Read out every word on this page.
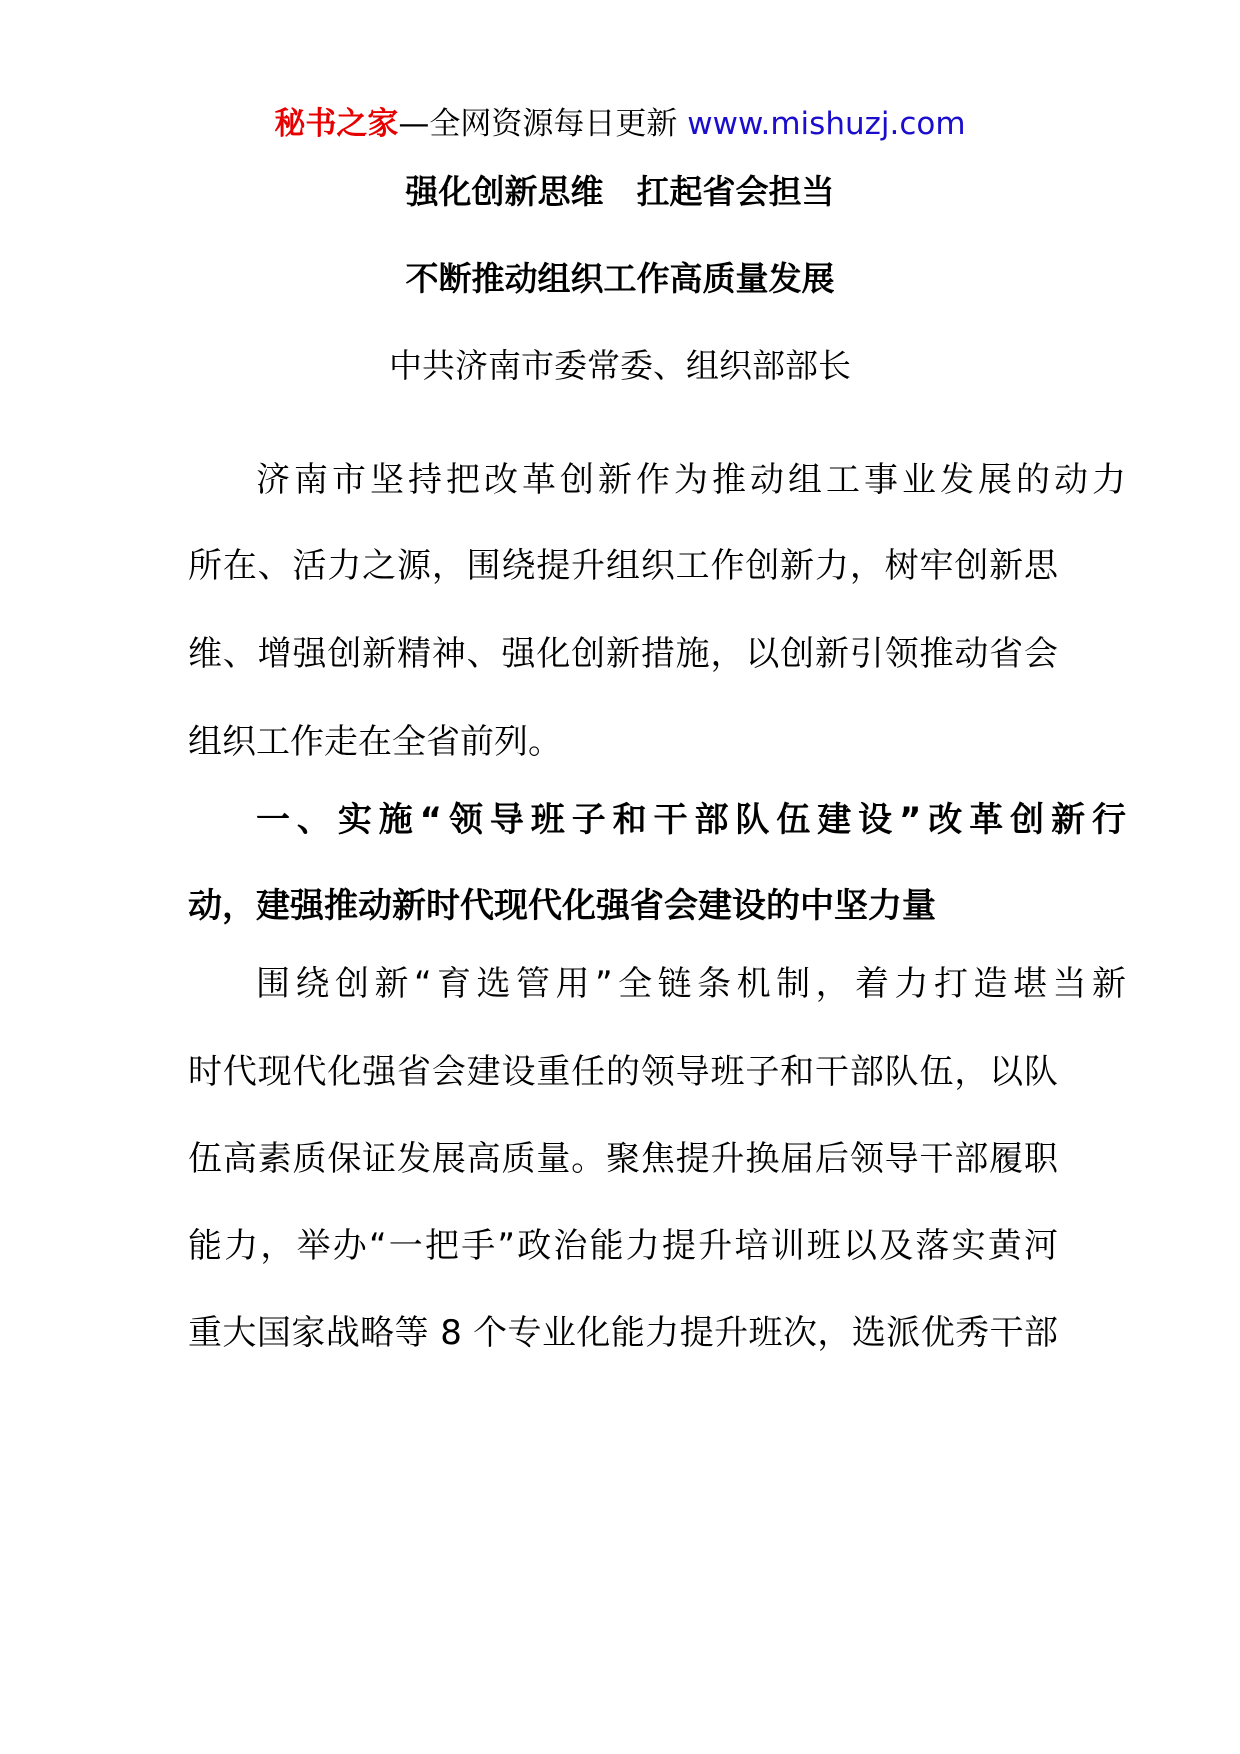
秘书之家—全网资源每日更新 www.mishuzj.com
强化创新思维　扛起省会担当
不断推动组织工作高质量发展
中共济南市委常委、组织部部长
济南市坚持把改革创新作为推动组工事业发展的动力
所在、活力之源，围绕提升组织工作创新力，树牢创新思
维、增强创新精神、强化创新措施，以创新引领推动省会
组织工作走在全省前列。
一、实施“领导班子和干部队伍建设”改革创新行
动，建强推动新时代现代化强省会建设的中坚力量
围绕创新“育选管用”全链条机制，着力打造堪当新
时代现代化强省会建设重任的领导班子和干部队伍，以队
伍高素质保证发展高质量。聚焦提升换届后领导干部履职
能力，举办“一把手”政治能力提升培训班以及落实黄河
重大国家战略等 8 个专业化能力提升班次，选派优秀干部
